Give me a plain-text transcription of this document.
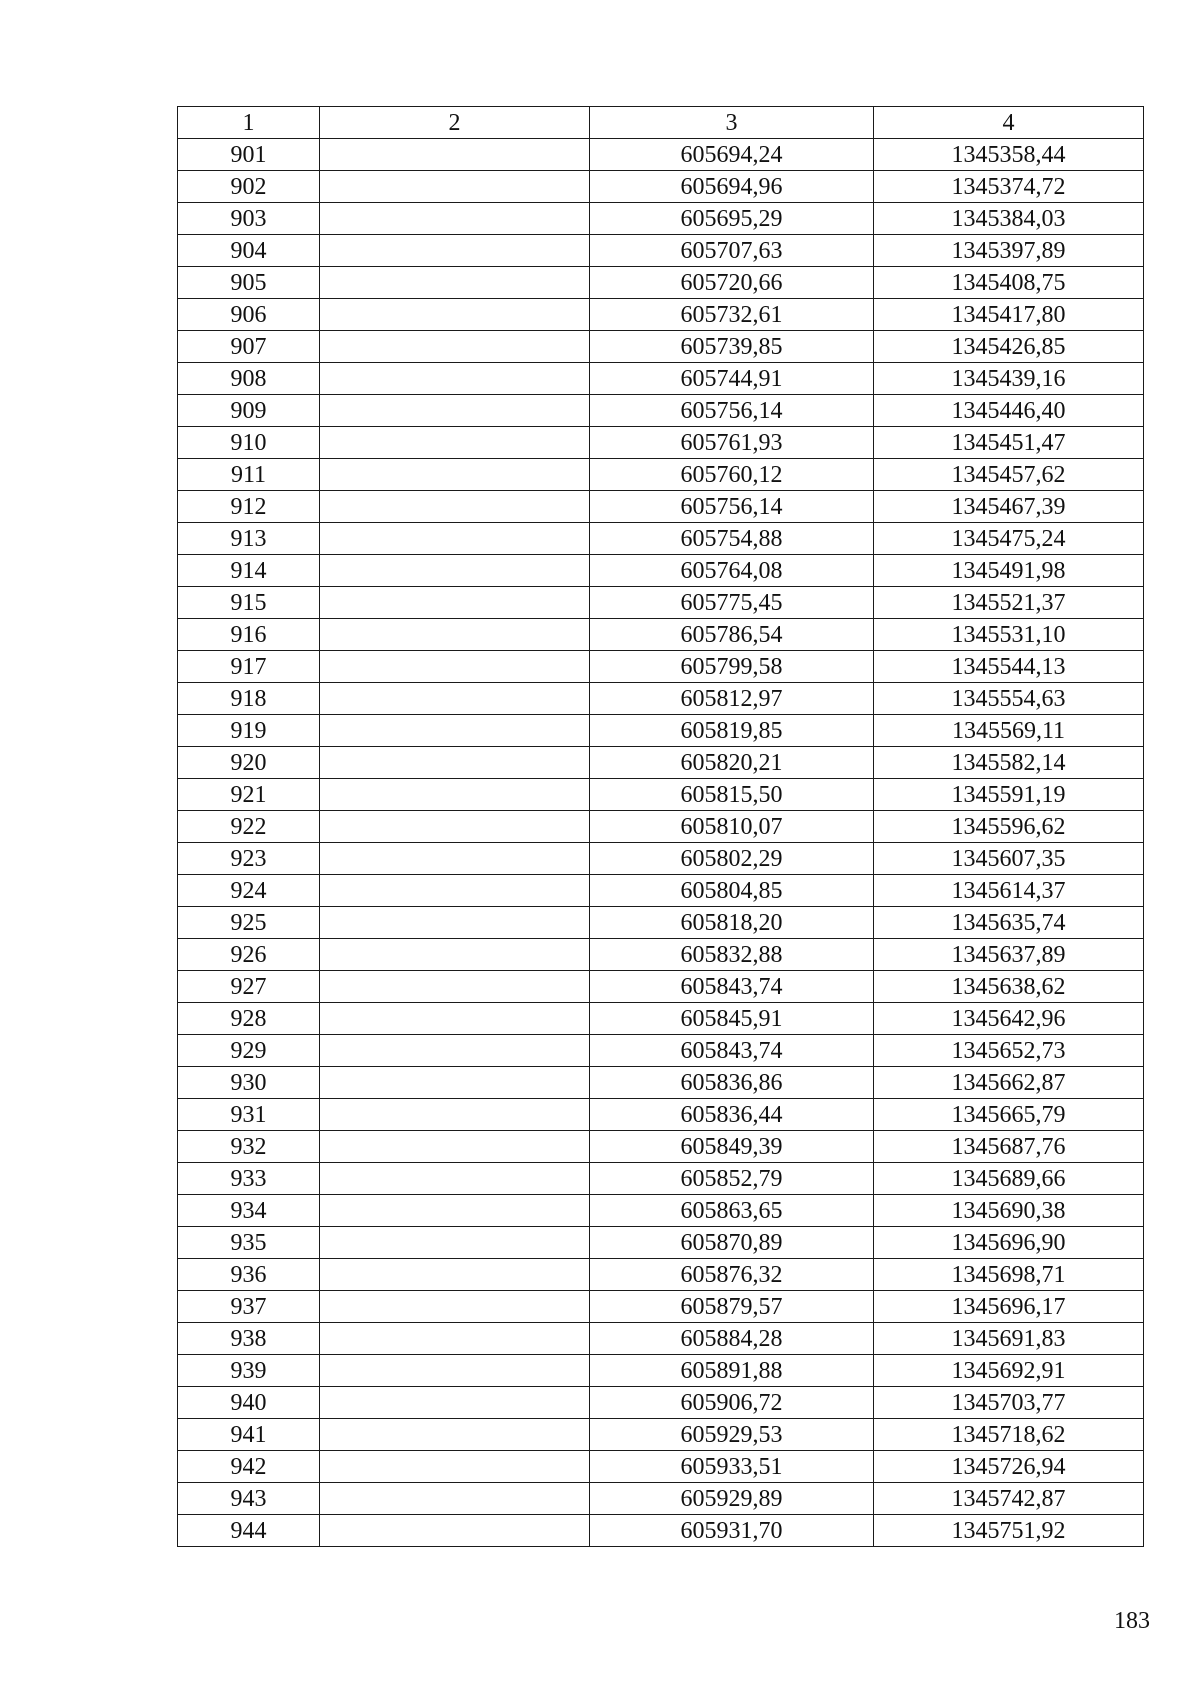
1	2	3	4
901		605694,24	1345358,44
902		605694,96	1345374,72
903		605695,29	1345384,03
904		605707,63	1345397,89
905		605720,66	1345408,75
906		605732,61	1345417,80
907		605739,85	1345426,85
908		605744,91	1345439,16
909		605756,14	1345446,40
910		605761,93	1345451,47
911		605760,12	1345457,62
912		605756,14	1345467,39
913		605754,88	1345475,24
914		605764,08	1345491,98
915		605775,45	1345521,37
916		605786,54	1345531,10
917		605799,58	1345544,13
918		605812,97	1345554,63
919		605819,85	1345569,11
920		605820,21	1345582,14
921		605815,50	1345591,19
922		605810,07	1345596,62
923		605802,29	1345607,35
924		605804,85	1345614,37
925		605818,20	1345635,74
926		605832,88	1345637,89
927		605843,74	1345638,62
928		605845,91	1345642,96
929		605843,74	1345652,73
930		605836,86	1345662,87
931		605836,44	1345665,79
932		605849,39	1345687,76
933		605852,79	1345689,66
934		605863,65	1345690,38
935		605870,89	1345696,90
936		605876,32	1345698,71
937		605879,57	1345696,17
938		605884,28	1345691,83
939		605891,88	1345692,91
940		605906,72	1345703,77
941		605929,53	1345718,62
942		605933,51	1345726,94
943		605929,89	1345742,87
944		605931,70	1345751,92
183
